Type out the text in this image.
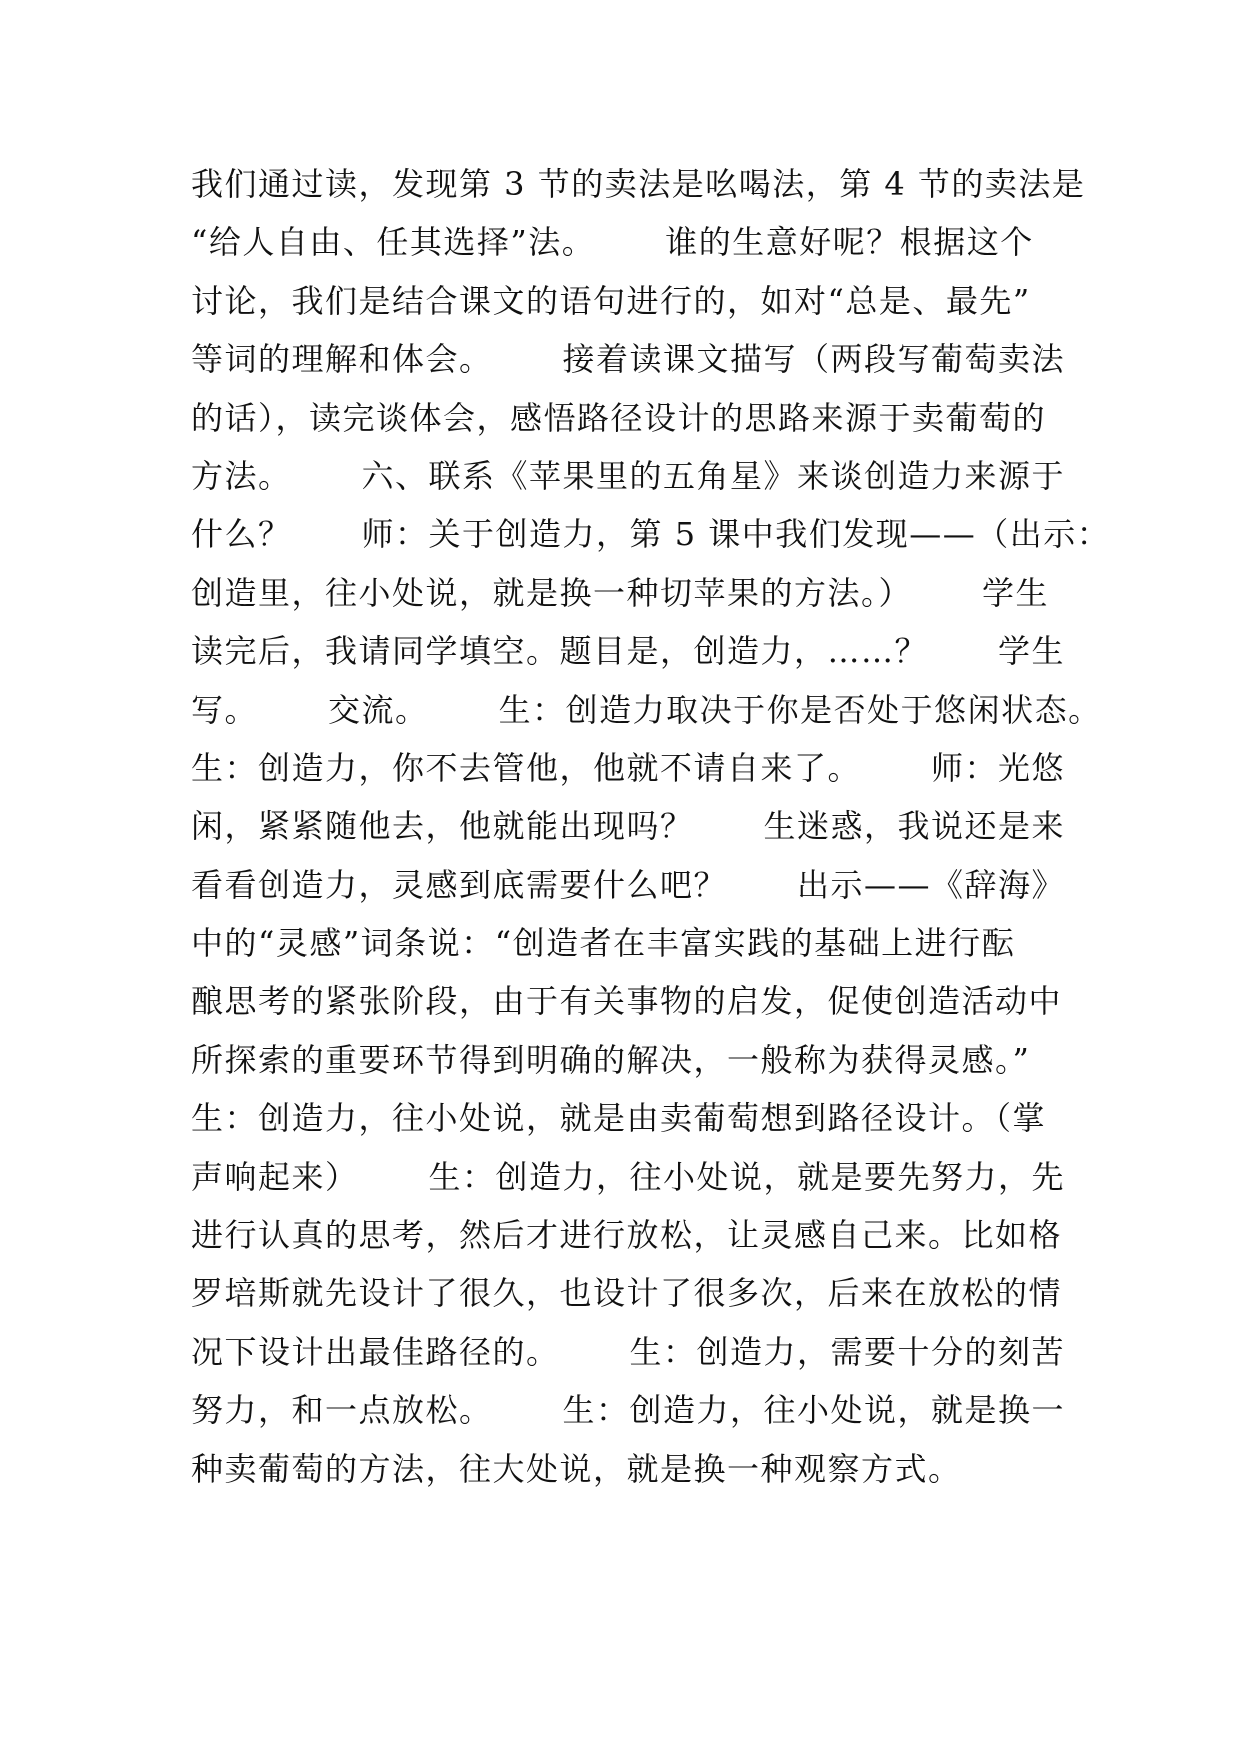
我们通过读，发现第 3 节的卖法是吆喝法，第 4 节的卖法是

“给人自由、任其选择”法。      谁的生意好呢？根据这个

讨论，我们是结合课文的语句进行的，如对“总是、最先”

等词的理解和体会。      接着读课文描写（两段写葡萄卖法

的话），读完谈体会，感悟路径设计的思路来源于卖葡萄的

方法。      六、联系《苹果里的五角星》来谈创造力来源于

什么？      师：关于创造力，第 5 课中我们发现——（出示：

创造里，往小处说，就是换一种切苹果的方法。）      学生

读完后，我请同学填空。题目是，创造力，……？      学生

写。      交流。      生：创造力取决于你是否处于悠闲状态。

生：创造力，你不去管他，他就不请自来了。      师：光悠

闲，紧紧随他去，他就能出现吗？      生迷惑，我说还是来

看看创造力，灵感到底需要什么吧？      出示——《辞海》

中的“灵感”词条说：“创造者在丰富实践的基础上进行酝

酿思考的紧张阶段，由于有关事物的启发，促使创造活动中

所探索的重要环节得到明确的解决，一般称为获得灵感。”

生：创造力，往小处说，就是由卖葡萄想到路径设计。（掌

声响起来）      生：创造力，往小处说，就是要先努力，先

进行认真的思考，然后才进行放松，让灵感自己来。比如格

罗培斯就先设计了很久，也设计了很多次，后来在放松的情

况下设计出最佳路径的。      生：创造力，需要十分的刻苦

努力，和一点放松。      生：创造力，往小处说，就是换一

种卖葡萄的方法，往大处说，就是换一种观察方式。
